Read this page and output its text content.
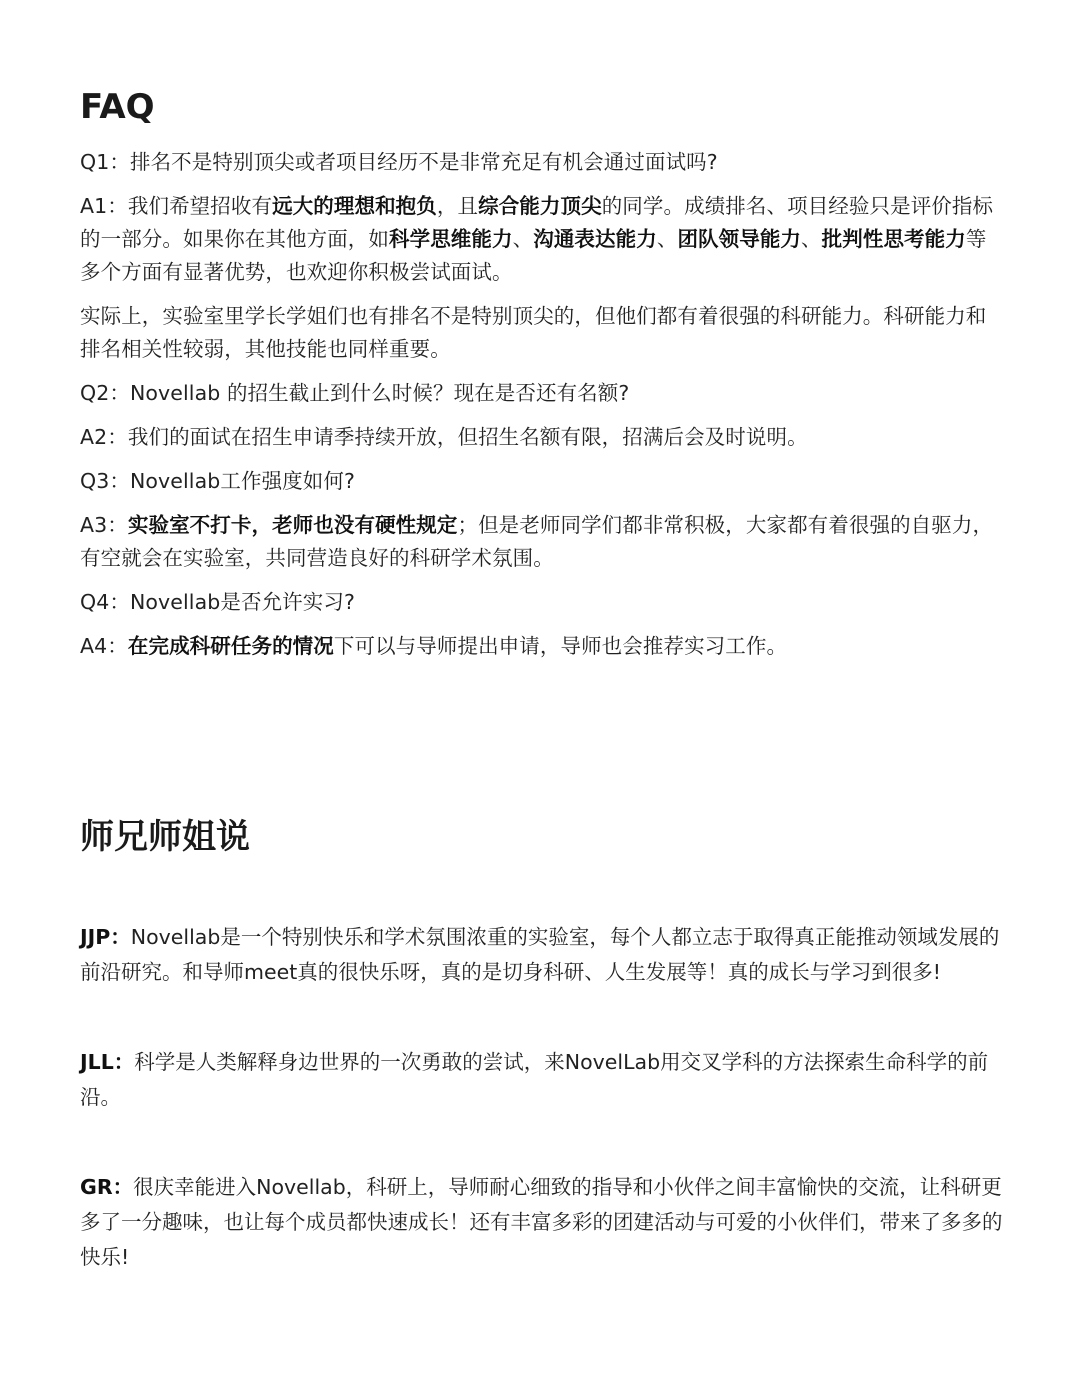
FAQ

Q1：排名不是特别顶尖或者项目经历不是非常充足有机会通过面试吗?

A1：我们希望招收有远大的理想和抱负，且综合能力顶尖的同学。成绩排名、项目经验只是评价指标的一部分。如果你在其他方面，如科学思维能力、沟通表达能力、团队领导能力、批判性思考能力等多个方面有显著优势，也欢迎你积极尝试面试。

实际上，实验室里学长学姐们也有排名不是特别顶尖的，但他们都有着很强的科研能力。科研能力和排名相关性较弱，其他技能也同样重要。

Q2：Novellab 的招生截止到什么时候？现在是否还有名额?

A2：我们的面试在招生申请季持续开放，但招生名额有限，招满后会及时说明。

Q3：Novellab工作强度如何?

A3：实验室不打卡，老师也没有硬性规定；但是老师同学们都非常积极，大家都有着很强的自驱力，有空就会在实验室，共同营造良好的科研学术氛围。

Q4：Novellab是否允许实习?

A4：在完成科研任务的情况下可以与导师提出申请，导师也会推荐实习工作。

师兄师姐说

JJP：Novellab是一个特别快乐和学术氛围浓重的实验室，每个人都立志于取得真正能推动领域发展的前沿研究。和导师meet真的很快乐呀，真的是切身科研、人生发展等！真的成长与学习到很多!

JLL：科学是人类解释身边世界的一次勇敢的尝试，来NovelLab用交叉学科的方法探索生命科学的前沿。

GR：很庆幸能进入Novellab，科研上，导师耐心细致的指导和小伙伴之间丰富愉快的交流，让科研更多了一分趣味，也让每个成员都快速成长！还有丰富多彩的团建活动与可爱的小伙伴们，带来了多多的快乐!
